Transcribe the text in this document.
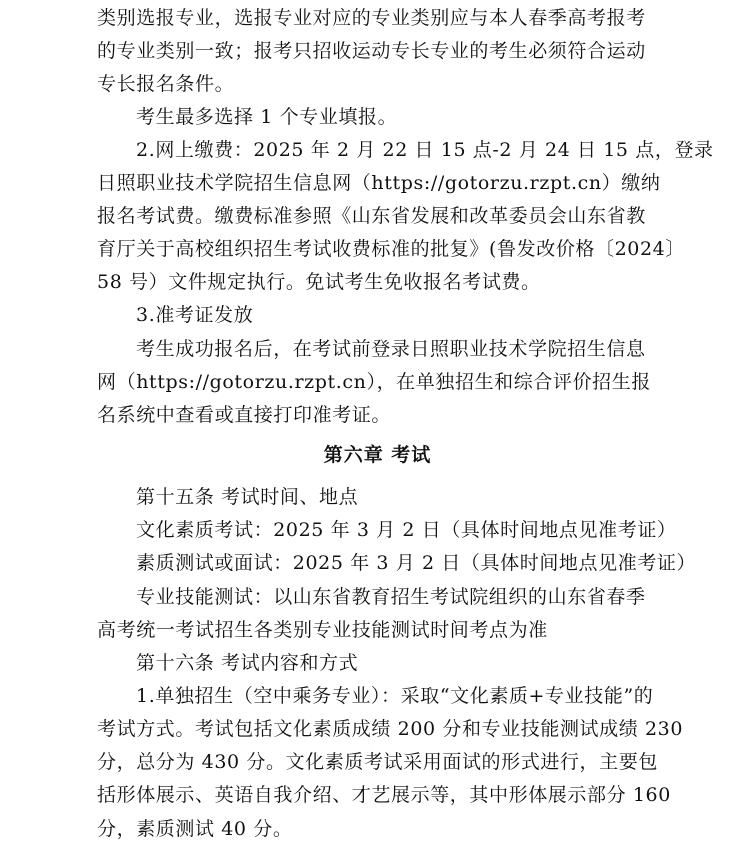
类别选报专业，选报专业对应的专业类别应与本人春季高考报考
的专业类别一致；报考只招收运动专长专业的考生必须符合运动
专长报名条件。
考生最多选择 1 个专业填报。
2.网上缴费：2025 年 2 月 22 日 15 点-2 月 24 日 15 点，登录
日照职业技术学院招生信息网（https://gotorzu.rzpt.cn）缴纳
报名考试费。缴费标准参照《山东省发展和改革委员会山东省教
育厅关于高校组织招生考试收费标准的批复》(鲁发改价格〔2024〕
58 号）文件规定执行。免试考生免收报名考试费。
3.准考证发放
考生成功报名后，在考试前登录日照职业技术学院招生信息
网（https://gotorzu.rzpt.cn），在单独招生和综合评价招生报
名系统中查看或直接打印准考证。
第六章 考试
第十五条 考试时间、地点
文化素质考试：2025 年 3 月 2 日（具体时间地点见准考证）
素质测试或面试：2025 年 3 月 2 日（具体时间地点见准考证）
专业技能测试：以山东省教育招生考试院组织的山东省春季
高考统一考试招生各类别专业技能测试时间考点为准
第十六条 考试内容和方式
1.单独招生（空中乘务专业）：采取“文化素质+专业技能”的
考试方式。考试包括文化素质成绩 200 分和专业技能测试成绩 230
分，总分为 430 分。文化素质考试采用面试的形式进行，主要包
括形体展示、英语自我介绍、才艺展示等，其中形体展示部分 160
分，素质测试 40 分。
